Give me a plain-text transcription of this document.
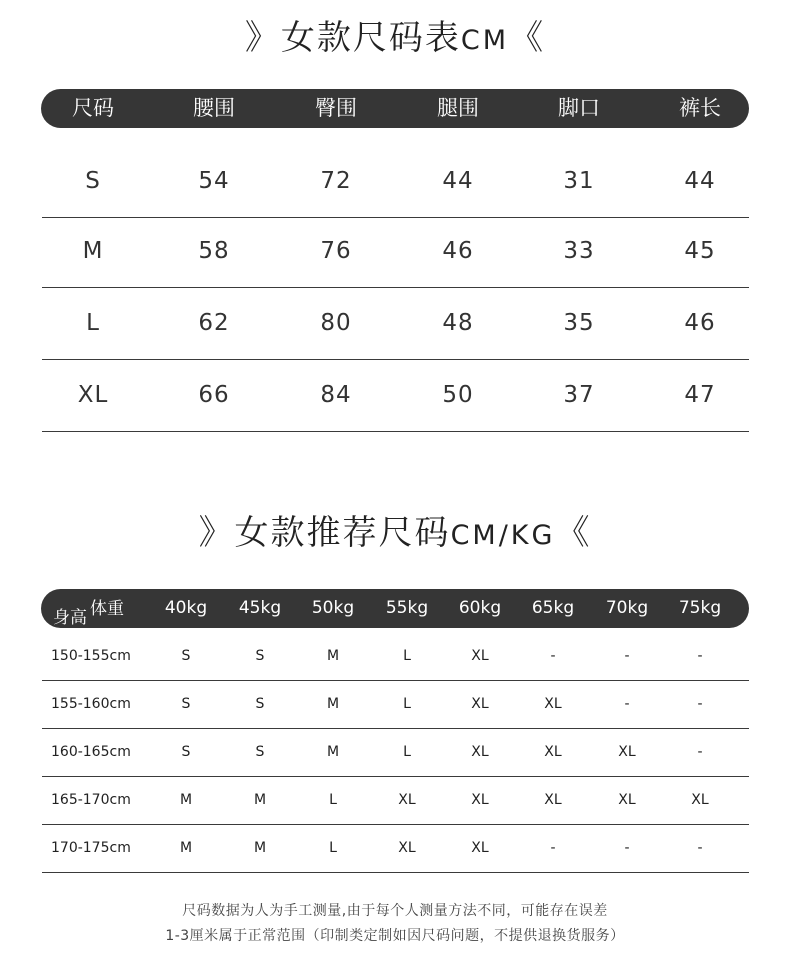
》女款尺码表CM《
尺码	腰围	臀围	腿围	脚口	裤长
S	54	72	44	31	44
M	58	76	46	33	45
L	62	80	48	35	46
XL	66	84	50	37	47
》女款推荐尺码CM/KG《
身高 体重 40kg 45kg 50kg 55kg 60kg 65kg 70kg 75kg
150-155cm	S	S	M	L	XL	-	-	-
155-160cm	S	S	M	L	XL	XL	-	-
160-165cm	S	S	M	L	XL	XL	XL	-
165-170cm	M	M	L	XL	XL	XL	XL	XL
170-175cm	M	M	L	XL	XL	-	-	-
尺码数据为人为手工测量,由于每个人测量方法不同，可能存在误差
1-3厘米属于正常范围（印制类定制如因尺码问题，不提供退换货服务）
